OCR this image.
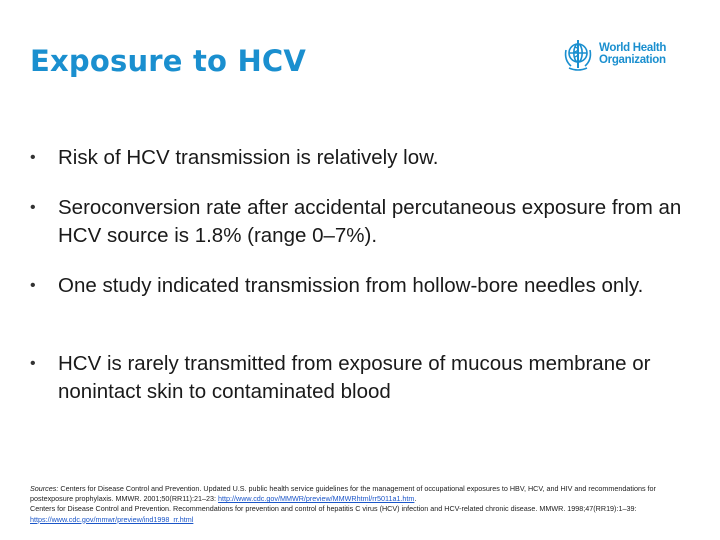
Exposure to HCV	World Health Organization
• Risk of HCV transmission is relatively low.
• Seroconversion rate after accidental percutaneous exposure from an HCV source is 1.8% (range 0–7%).
• One study indicated transmission from hollow-bore needles only.
• HCV is rarely transmitted from exposure of mucous membrane or nonintact skin to contaminated blood
Sources: Centers for Disease Control and Prevention. Updated U.S. public health service guidelines for the management of occupational exposures to HBV, HCV, and HIV and recommendations for postexposure prophylaxis. MMWR. 2001;50(RR11):21–23: http://www.cdc.gov/MMWR/preview/MMWRhtml/rr5011a1.htm.
Centers for Disease Control and Prevention. Recommendations for prevention and control of hepatitis C virus (HCV) infection and HCV-related chronic disease. MMWR. 1998;47(RR19):1–39: https://www.cdc.gov/mmwr/preview/ind1998_rr.html
